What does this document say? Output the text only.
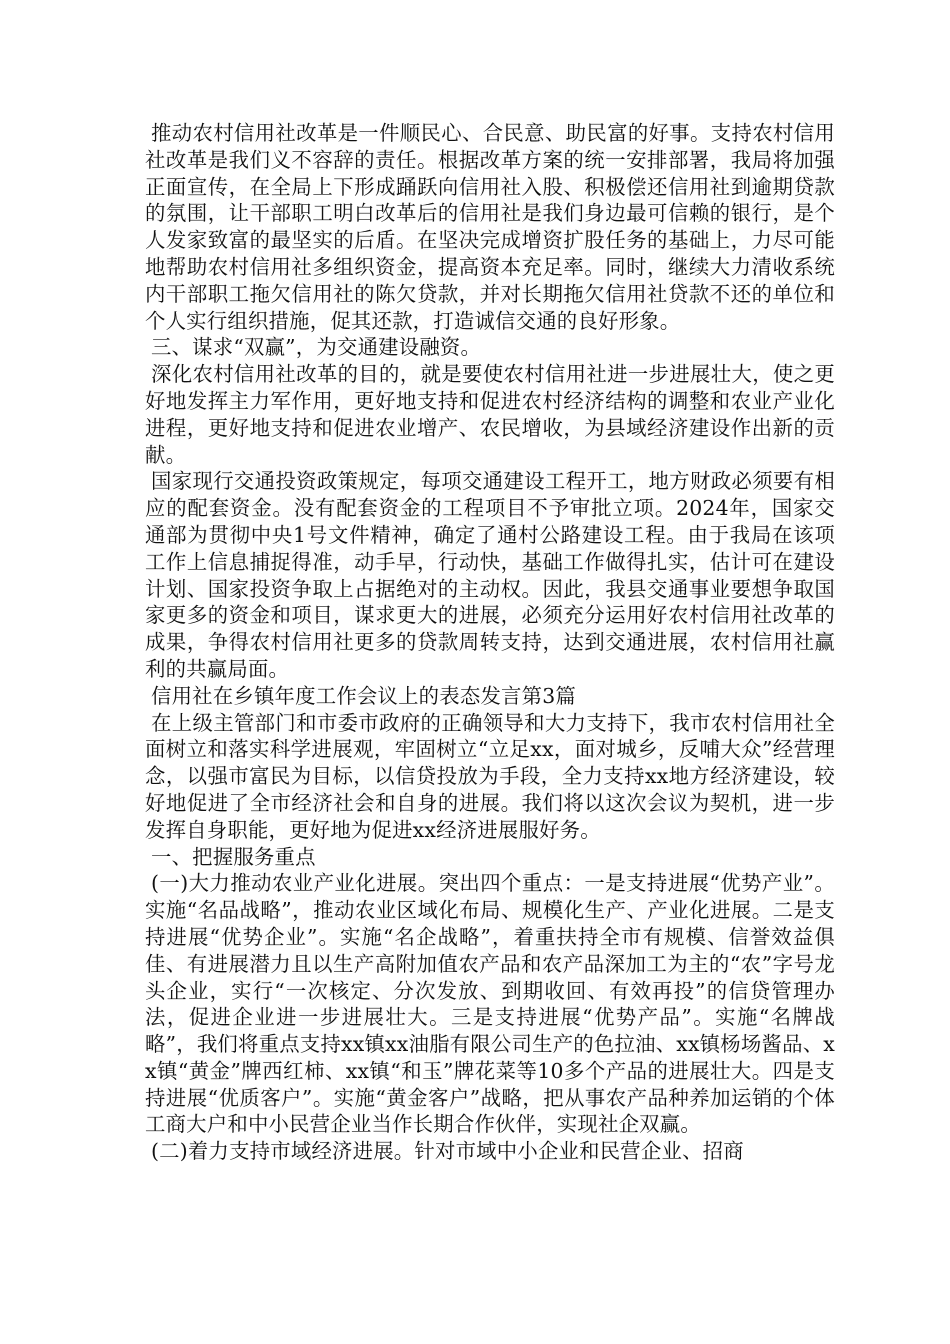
推动农村信用社改革是一件顺民心、合民意、助民富的好事。支持农村信用社改革是我们义不容辞的责任。根据改革方案的统一安排部署，我局将加强正面宣传，在全局上下形成踊跃向信用社入股、积极偿还信用社到逾期贷款的氛围，让干部职工明白改革后的信用社是我们身边最可信赖的银行，是个人发家致富的最坚实的后盾。在坚决完成增资扩股任务的基础上，力尽可能地帮助农村信用社多组织资金，提高资本充足率。同时，继续大力清收系统内干部职工拖欠信用社的陈欠贷款，并对长期拖欠信用社贷款不还的单位和个人实行组织措施，促其还款，打造诚信交通的良好形象。

三、谋求“双赢”，为交通建设融资。

深化农村信用社改革的目的，就是要使农村信用社进一步进展壮大，使之更好地发挥主力军作用，更好地支持和促进农村经济结构的调整和农业产业化进程，更好地支持和促进农业增产、农民增收，为县域经济建设作出新的贡献。

国家现行交通投资政策规定，每项交通建设工程开工，地方财政必须要有相应的配套资金。没有配套资金的工程项目不予审批立项。2024年，国家交通部为贯彻中央1号文件精神，确定了通村公路建设工程。由于我局在该项工作上信息捕捉得准，动手早，行动快，基础工作做得扎实，估计可在建设计划、国家投资争取上占据绝对的主动权。因此，我县交通事业要想争取国家更多的资金和项目，谋求更大的进展，必须充分运用好农村信用社改革的成果，争得农村信用社更多的贷款周转支持，达到交通进展，农村信用社赢利的共赢局面。

信用社在乡镇年度工作会议上的表态发言第3篇

在上级主管部门和市委市政府的正确领导和大力支持下，我市农村信用社全面树立和落实科学进展观，牢固树立“立足xx，面对城乡，反哺大众”经营理念，以强市富民为目标，以信贷投放为手段，全力支持xx地方经济建设，较好地促进了全市经济社会和自身的进展。我们将以这次会议为契机，进一步发挥自身职能，更好地为促进xx经济进展服好务。

一、把握服务重点

(一)大力推动农业产业化进展。突出四个重点：一是支持进展“优势产业”。实施“名品战略”，推动农业区域化布局、规模化生产、产业化进展。二是支持进展“优势企业”。实施“名企战略”，着重扶持全市有规模、信誉效益俱佳、有进展潜力且以生产高附加值农产品和农产品深加工为主的“农”字号龙头企业，实行“一次核定、分次发放、到期收回、有效再投”的信贷管理办法，促进企业进一步进展壮大。三是支持进展“优势产品”。实施“名牌战略”，我们将重点支持xx镇xx油脂有限公司生产的色拉油、xx镇杨场酱品、xx镇“黄金”牌西红柿、xx镇“和玉”牌花菜等10多个产品的进展壮大。四是支持进展“优质客户”。实施“黄金客户”战略，把从事农产品种养加运销的个体工商大户和中小民营企业当作长期合作伙伴，实现社企双赢。

(二)着力支持市域经济进展。针对市域中小企业和民营企业、招商
